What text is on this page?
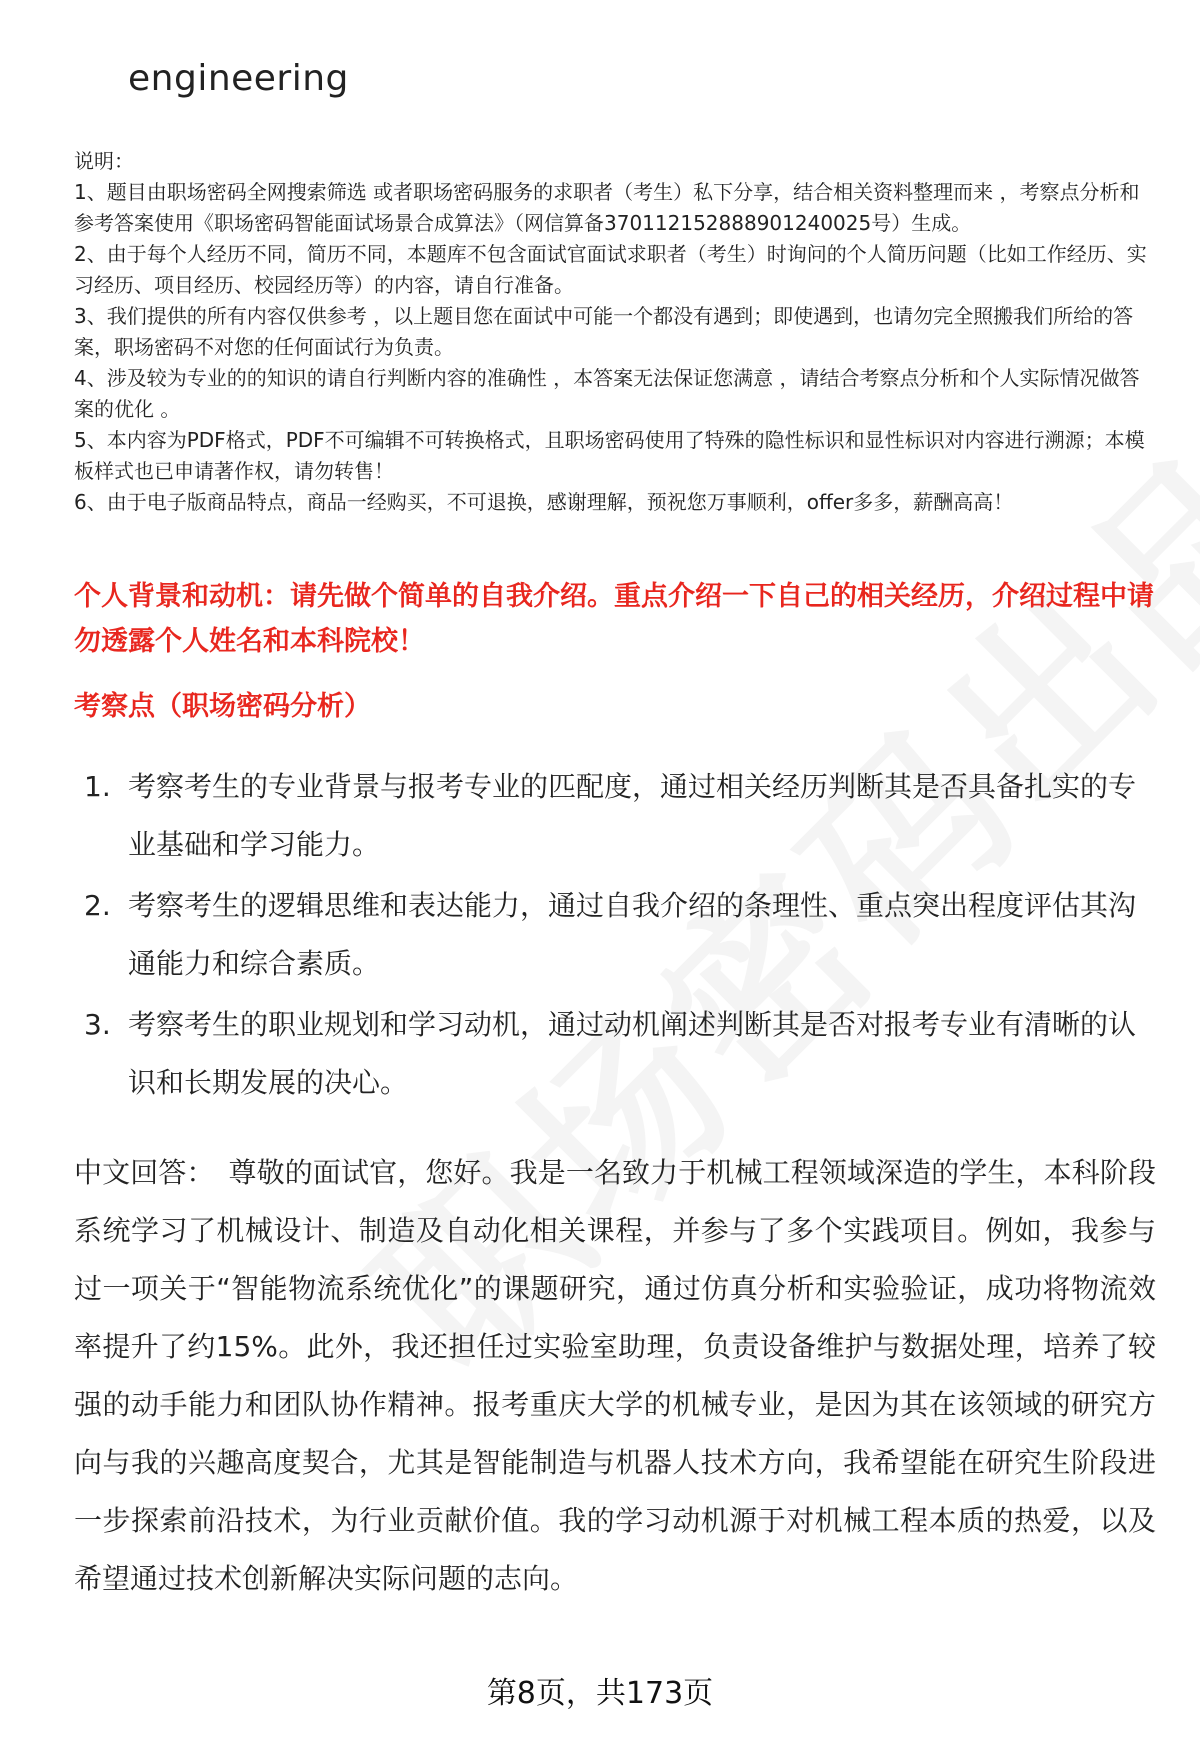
engineering

说明：

1、题目由职场密码全网搜索筛选 或者职场密码服务的求职者（考生）私下分享，结合相关资料整理而来 ，考察点分析和参考答案使用《职场密码智能面试场景合成算法》（网信算备370112152888901240025号）生成。

2、由于每个人经历不同，简历不同，本题库不包含面试官面试求职者（考生）时询问的个人简历问题（比如工作经历、实习经历、项目经历、校园经历等）的内容，请自行准备。

3、我们提供的所有内容仅供参考 ，以上题目您在面试中可能一个都没有遇到；即使遇到，也请勿完全照搬我们所给的答案，职场密码不对您的任何面试行为负责。

4、涉及较为专业的的知识的请自行判断内容的准确性 ，本答案无法保证您满意 ，请结合考察点分析和个人实际情况做答案的优化 。

5、本内容为PDF格式，PDF不可编辑不可转换格式，且职场密码使用了特殊的隐性标识和显性标识对内容进行溯源；本模板样式也已申请著作权，请勿转售！

6、由于电子版商品特点，商品一经购买，不可退换，感谢理解，预祝您万事顺利，offer多多，薪酬高高！

个人背景和动机：请先做个简单的自我介绍。重点介绍一下自己的相关经历，介绍过程中请勿透露个人姓名和本科院校！
考察点（职场密码分析）
1. 考察考生的专业背景与报考专业的匹配度，通过相关经历判断其是否具备扎实的专业基础和学习能力。
2. 考察考生的逻辑思维和表达能力，通过自我介绍的条理性、重点突出程度评估其沟通能力和综合素质。
3. 考察考生的职业规划和学习动机，通过动机阐述判断其是否对报考专业有清晰的认识和长期发展的决心。
中文回答： 尊敬的面试官，您好。我是一名致力于机械工程领域深造的学生，本科阶段系统学习了机械设计、制造及自动化相关课程，并参与了多个实践项目。例如，我参与过一项关于“智能物流系统优化”的课题研究，通过仿真分析和实验验证，成功将物流效率提升了约15%。此外，我还担任过实验室助理，负责设备维护与数据处理，培养了较强的动手能力和团队协作精神。报考重庆大学的机械专业，是因为其在该领域的研究方向与我的兴趣高度契合，尤其是智能制造与机器人技术方向，我希望能在研究生阶段进一步探索前沿技术，为行业贡献价值。我的学习动机源于对机械工程本质的热爱，以及希望通过技术创新解决实际问题的志向。
第8页，共173页
